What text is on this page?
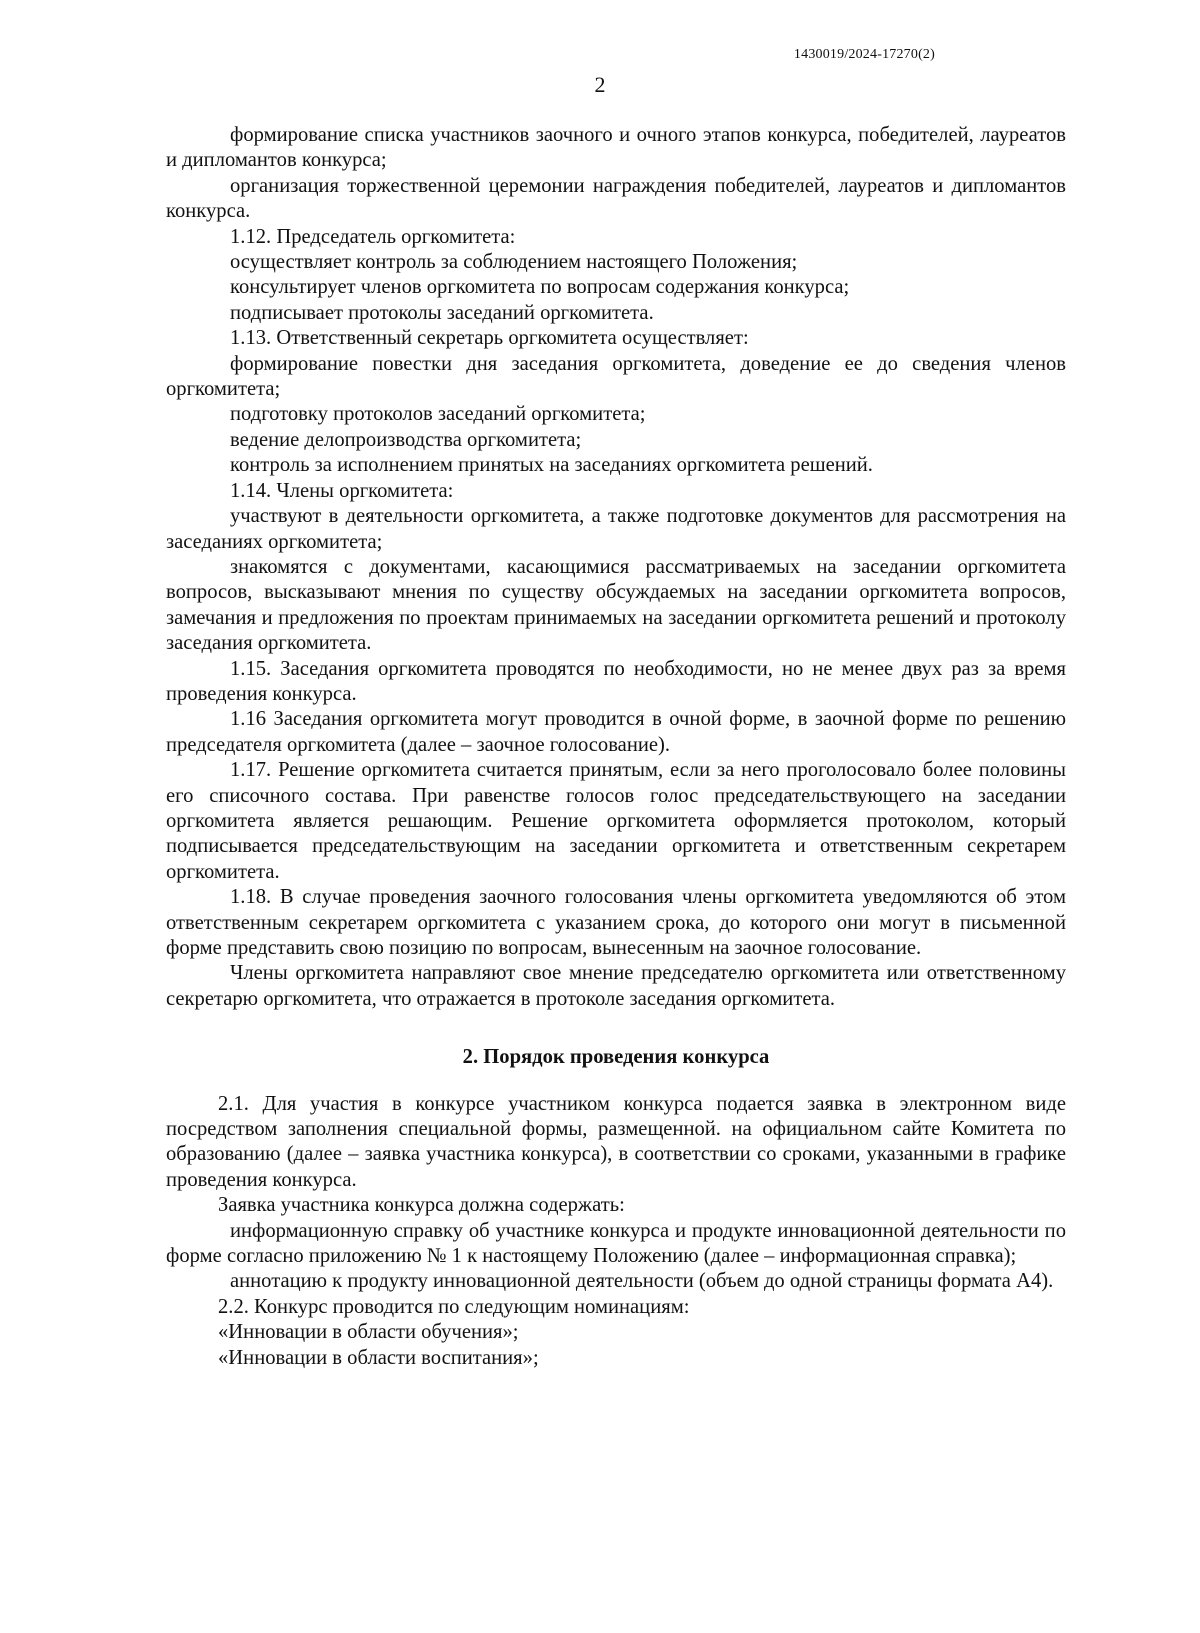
1430019/2024-17270(2)
2

формирование списка участников заочного и очного этапов конкурса, победителей, лауреатов и дипломантов конкурса;

организация торжественной церемонии награждения победителей, лауреатов и дипломантов конкурса.

1.12. Председатель оргкомитета:

осуществляет контроль за соблюдением настоящего Положения;

консультирует членов оргкомитета по вопросам содержания конкурса;

подписывает протоколы заседаний оргкомитета.

1.13. Ответственный секретарь оргкомитета осуществляет:

формирование повестки дня заседания оргкомитета, доведение ее до сведения членов оргкомитета;

подготовку протоколов заседаний оргкомитета;

ведение делопроизводства оргкомитета;

контроль за исполнением принятых на заседаниях оргкомитета решений.

1.14. Члены оргкомитета:

участвуют в деятельности оргкомитета, а также подготовке документов для рассмотрения на заседаниях оргкомитета;

знакомятся с документами, касающимися рассматриваемых на заседании оргкомитета вопросов, высказывают мнения по существу обсуждаемых на заседании оргкомитета вопросов, замечания и предложения по проектам принимаемых на заседании оргкомитета решений и протоколу заседания оргкомитета.

1.15. Заседания оргкомитета проводятся по необходимости, но не менее двух раз за время проведения конкурса.

1.16 Заседания оргкомитета могут проводится в очной форме, в заочной форме по решению председателя оргкомитета (далее – заочное голосование).

1.17. Решение оргкомитета считается принятым, если за него проголосовало более половины его списочного состава. При равенстве голосов голос председательствующего на заседании оргкомитета является решающим. Решение оргкомитета оформляется протоколом, который подписывается председательствующим на заседании оргкомитета и ответственным секретарем оргкомитета.

1.18. В случае проведения заочного голосования члены оргкомитета уведомляются об этом ответственным секретарем оргкомитета с указанием срока, до которого они могут в письменной форме представить свою позицию по вопросам, вынесенным на заочное голосование.

Члены оргкомитета направляют свое мнение председателю оргкомитета или ответственному секретарю оргкомитета, что отражается в протоколе заседания оргкомитета.

2. Порядок проведения конкурса

2.1. Для участия в конкурсе участником конкурса подается заявка в электронном виде посредством заполнения специальной формы, размещенной. на официальном сайте Комитета по образованию (далее – заявка участника конкурса), в соответствии со сроками, указанными в графике проведения конкурса.

Заявка участника конкурса должна содержать:

информационную справку об участнике конкурса и продукте инновационной деятельности по форме согласно приложению № 1 к настоящему Положению (далее – информационная справка);

аннотацию к продукту инновационной деятельности (объем до одной страницы формата А4).

2.2. Конкурс проводится по следующим номинациям:

«Инновации в области обучения»;

«Инновации в области воспитания»;
